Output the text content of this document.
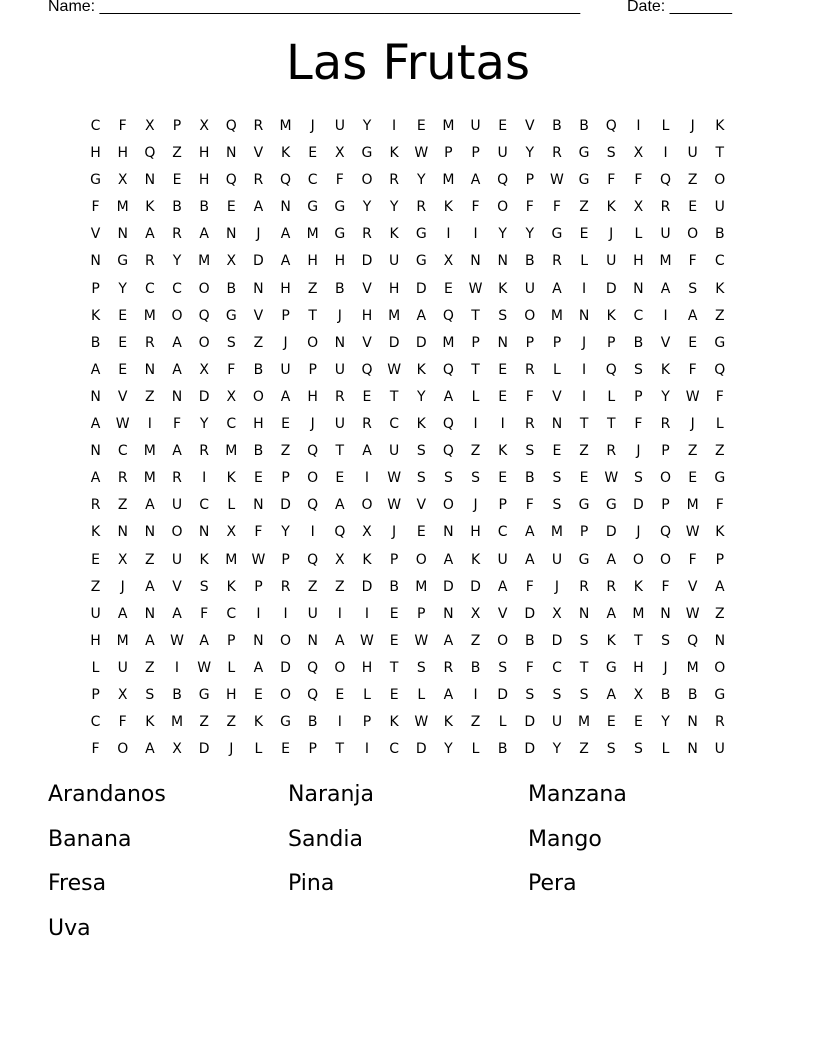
Name: ______________________________________________________	Date: _______
Las Frutas
C	F	X	P	X	Q	R	M	J	U	Y	I	E	M	U	E	V	B	B	Q	I	L	J	K
H	H	Q	Z	H	N	V	K	E	X	G	K	W	P	P	U	Y	R	G	S	X	I	U	T
G	X	N	E	H	Q	R	Q	C	F	O	R	Y	M	A	Q	P	W	G	F	F	Q	Z	O
F	M	K	B	B	E	A	N	G	G	Y	Y	R	K	F	O	F	F	Z	K	X	R	E	U
V	N	A	R	A	N	J	A	M	G	R	K	G	I	I	Y	Y	G	E	J	L	U	O	B
N	G	R	Y	M	X	D	A	H	H	D	U	G	X	N	N	B	R	L	U	H	M	F	C
P	Y	C	C	O	B	N	H	Z	B	V	H	D	E	W	K	U	A	I	D	N	A	S	K
K	E	M	O	Q	G	V	P	T	J	H	M	A	Q	T	S	O	M	N	K	C	I	A	Z
B	E	R	A	O	S	Z	J	O	N	V	D	D	M	P	N	P	P	J	P	B	V	E	G
A	E	N	A	X	F	B	U	P	U	Q	W	K	Q	T	E	R	L	I	Q	S	K	F	Q
N	V	Z	N	D	X	O	A	H	R	E	T	Y	A	L	E	F	V	I	L	P	Y	W	F
A	W	I	F	Y	C	H	E	J	U	R	C	K	Q	I	I	R	N	T	T	F	R	J	L
N	C	M	A	R	M	B	Z	Q	T	A	U	S	Q	Z	K	S	E	Z	R	J	P	Z	Z
A	R	M	R	I	K	E	P	O	E	I	W	S	S	S	E	B	S	E	W	S	O	E	G
R	Z	A	U	C	L	N	D	Q	A	O	W	V	O	J	P	F	S	G	G	D	P	M	F
K	N	N	O	N	X	F	Y	I	Q	X	J	E	N	H	C	A	M	P	D	J	Q	W	K
E	X	Z	U	K	M	W	P	Q	X	K	P	O	A	K	U	A	U	G	A	O	O	F	P
Z	J	A	V	S	K	P	R	Z	Z	D	B	M	D	D	A	F	J	R	R	K	F	V	A
U	A	N	A	F	C	I	I	U	I	I	E	P	N	X	V	D	X	N	A	M	N	W	Z
H	M	A	W	A	P	N	O	N	A	W	E	W	A	Z	O	B	D	S	K	T	S	Q	N
L	U	Z	I	W	L	A	D	Q	O	H	T	S	R	B	S	F	C	T	G	H	J	M	O
P	X	S	B	G	H	E	O	Q	E	L	E	L	A	I	D	S	S	S	A	X	B	B	G
C	F	K	M	Z	Z	K	G	B	I	P	K	W	K	Z	L	D	U	M	E	E	Y	N	R
F	O	A	X	D	J	L	E	P	T	I	C	D	Y	L	B	D	Y	Z	S	S	L	N	U
Arandanos	Naranja	Manzana
Banana	Sandia	Mango
Fresa	Pina	Pera
Uva
